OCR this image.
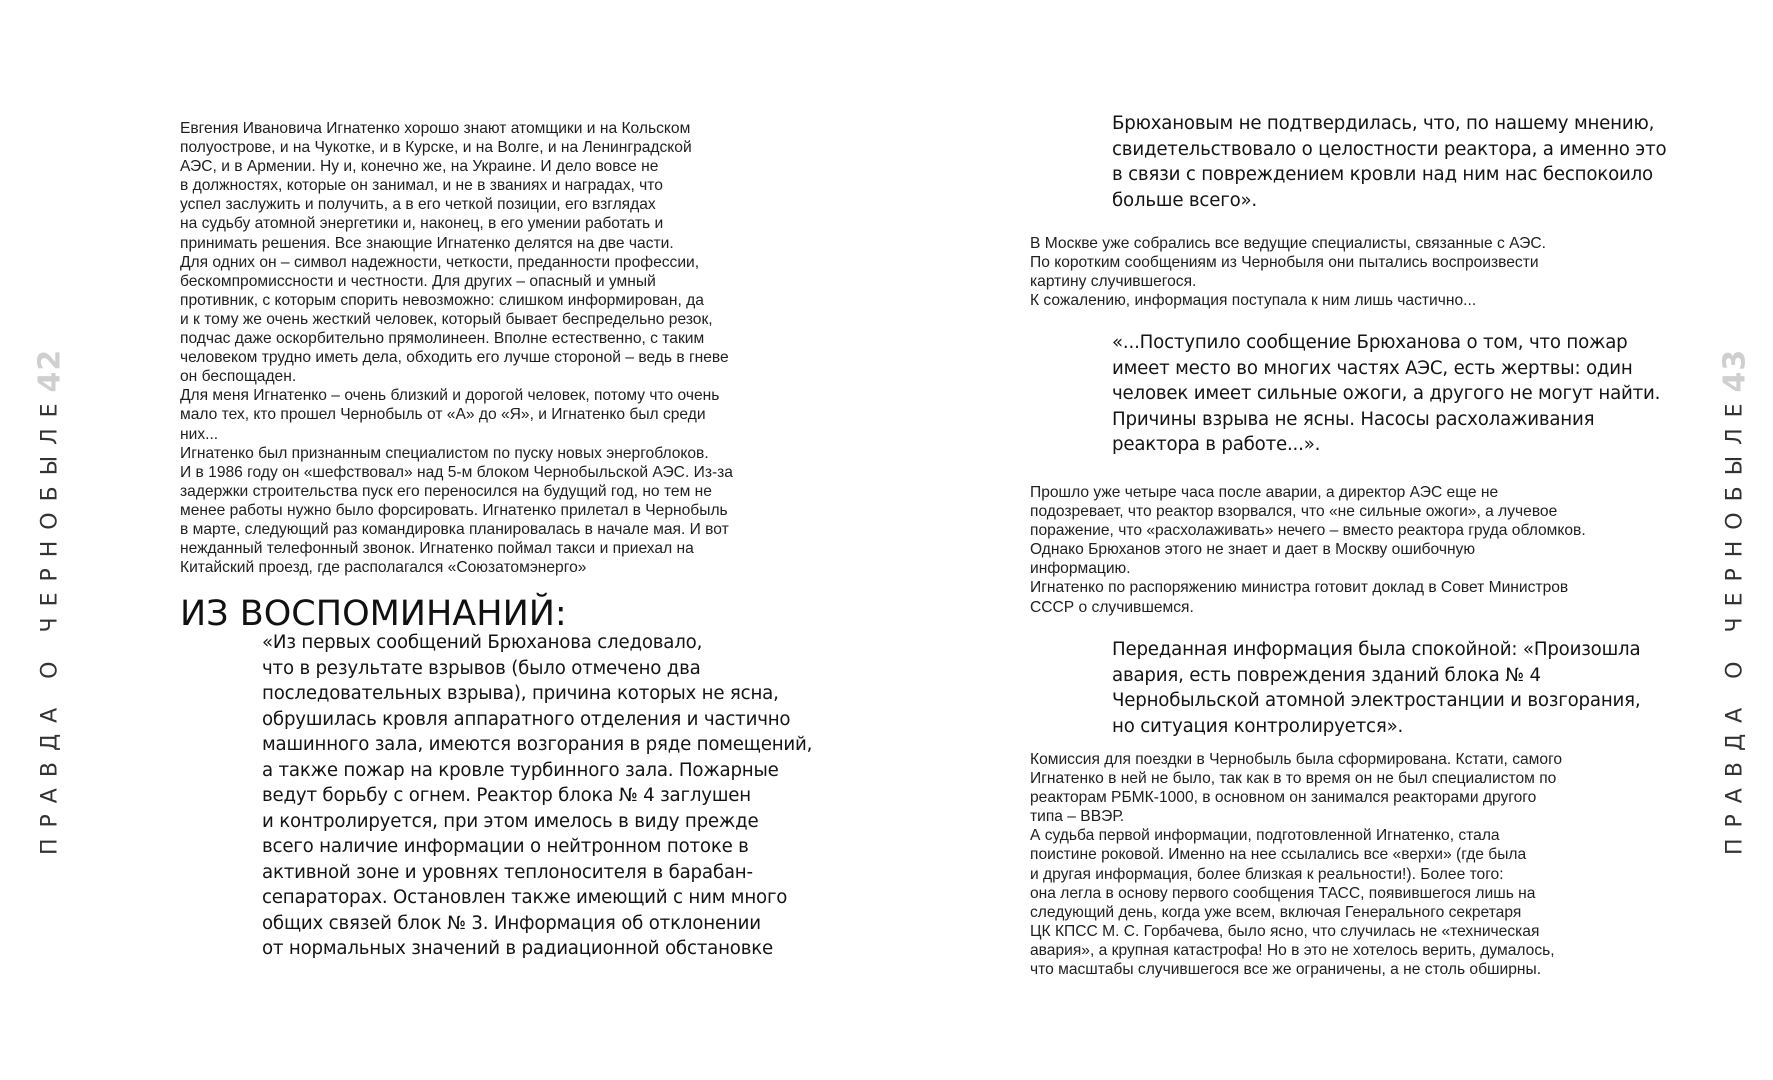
ПРАВДА О ЧЕРНОБЫЛЕ
42
Евгения Ивановича Игнатенко хорошо знают атомщики и на Кольском
полуострове, и на Чукотке, и в Курске, и на Волге, и на Ленинградской
АЭС, и в Армении. Ну и, конечно же, на Украине. И дело вовсе не
в должностях, которые он занимал, и не в званиях и наградах, что
успел заслужить и получить, а в его четкой позиции, его взглядах
на судьбу атомной энергетики и, наконец, в его умении работать и
принимать решения. Все знающие Игнатенко делятся на две части.
Для одних он – символ надежности, четкости, преданности профессии,
бескомпромиссности и честности. Для других – опасный и умный
противник, с которым спорить невозможно: слишком информирован, да
и к тому же очень жесткий человек, который бывает беспредельно резок,
подчас даже оскорбительно прямолинеен. Вполне естественно, с таким
человеком трудно иметь дела, обходить его лучше стороной – ведь в гневе
он беспощаден.
Для меня Игнатенко – очень близкий и дорогой человек, потому что очень
мало тех, кто прошел Чернобыль от «А» до «Я», и Игнатенко был среди
них...
Игнатенко был признанным специалистом по пуску новых энергоблоков.
И в 1986 году он «шефствовал» над 5-м блоком Чернобыльской АЭС. Из-за
задержки строительства пуск его переносился на будущий год, но тем не
менее работы нужно было форсировать. Игнатенко прилетал в Чернобыль
в марте, следующий раз командировка планировалась в начале мая. И вот
нежданный телефонный звонок. Игнатенко поймал такси и приехал на
Китайский проезд, где располагался «Союзатомэнерго»
ИЗ ВОСПОМИНАНИЙ:
«Из первых сообщений Брюханова следовало,
что в результате взрывов (было отмечено два
последовательных взрыва), причина которых не ясна,
обрушилась кровля аппаратного отделения и частично
машинного зала, имеются возгорания в ряде помещений,
а также пожар на кровле турбинного зала. Пожарные
ведут борьбу с огнем. Реактор блока № 4 заглушен
и контролируется, при этом имелось в виду прежде
всего наличие информации о нейтронном потоке в
активной зоне и уровнях теплоносителя в барабан-
сепараторах. Остановлен также имеющий с ним много
общих связей блок № 3. Информация об отклонении
от нормальных значений в радиационной обстановке
Брюхановым не подтвердилась, что, по нашему мнению,
свидетельствовало о целостности реактора, а именно это
в связи с повреждением кровли над ним нас беспокоило
больше всего».
В Москве уже собрались все ведущие специалисты, связанные с АЭС.
По коротким сообщениям из Чернобыля они пытались воспроизвести
картину случившегося.
К сожалению, информация поступала к ним лишь частично...
«...Поступило сообщение Брюханова о том, что пожар
имеет место во многих частях АЭС, есть жертвы: один
человек имеет сильные ожоги, а другого не могут найти.
Причины взрыва не ясны. Насосы расхолаживания
реактора в работе...».
Прошло уже четыре часа после аварии, а директор АЭС еще не
подозревает, что реактор взорвался, что «не сильные ожоги», а лучевое
поражение, что «расхолаживать» нечего – вместо реактора груда обломков.
Однако Брюханов этого не знает и дает в Москву ошибочную
информацию.
Игнатенко по распоряжению министра готовит доклад в Совет Министров
СССР о случившемся.
Переданная информация была спокойной: «Произошла
авария, есть повреждения зданий блока № 4
Чернобыльской атомной электростанции и возгорания,
но ситуация контролируется».
Комиссия для поездки в Чернобыль была сформирована. Кстати, самого
Игнатенко в ней не было, так как в то время он не был специалистом по
реакторам РБМК-1000, в основном он занимался реакторами другого
типа – ВВЭР.
А судьба первой информации, подготовленной Игнатенко, стала
поистине роковой. Именно на нее ссылались все «верхи» (где была
и другая информация, более близкая к реальности!). Более того:
она легла в основу первого сообщения ТАСС, появившегося лишь на
следующий день, когда уже всем, включая Генерального секретаря
ЦК КПСС М. С. Горбачева, было ясно, что случилась не «техническая
авария», а крупная катастрофа! Но в это не хотелось верить, думалось,
что масштабы случившегося все же ограничены, а не столь обширны.
ПРАВДА О ЧЕРНОБЫЛЕ
43
